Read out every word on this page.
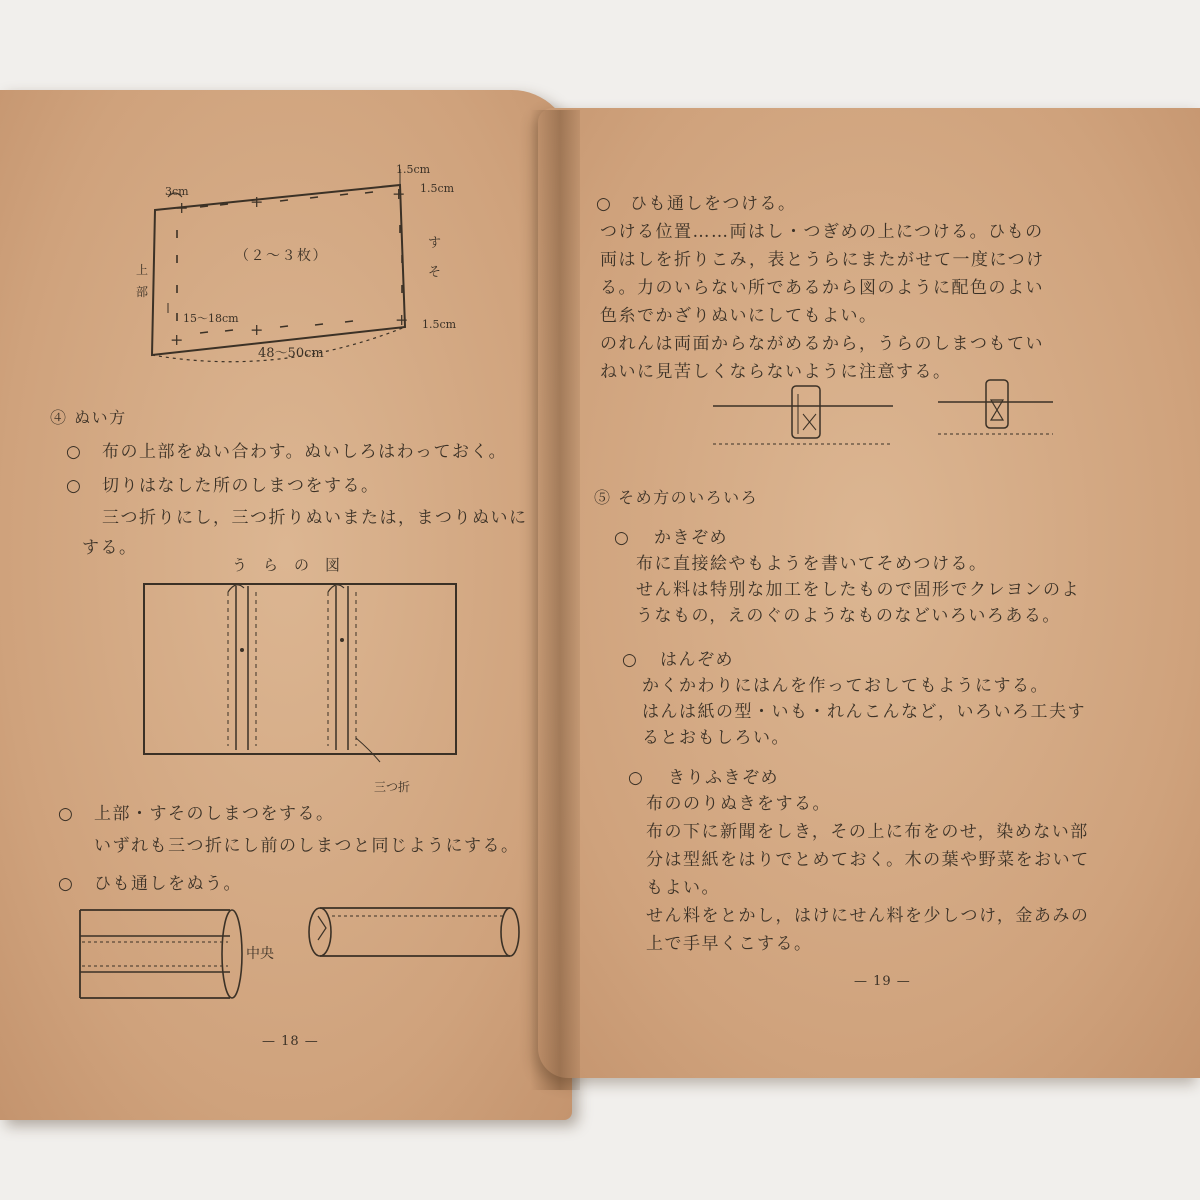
+	+	+
+
+
+
3cm
1.5cm
1.5cm
1.5cm
15～18cm
48～50cm
（２～３枚）
上部
すそ
④ ぬい方
○ 布の上部をぬい合わす。ぬいしろはわっておく。
○ 切りはなした所のしまつをする。
三つ折りにし，三つ折りぬいまたは，まつりぬいに
する。
うらの図
三つ折
○ 上部・すそのしまつをする。
いずれも三つ折にし前のしまつと同じようにする。
○ ひも通しをぬう。
中央
— 18 —
○ ひも通しをつける。
つける位置……両はし・つぎめの上につける。ひもの
両はしを折りこみ，表とうらにまたがせて一度につけ
る。力のいらない所であるから図のように配色のよい
色糸でかざりぬいにしてもよい。
のれんは両面からながめるから，うらのしまつもてい
ねいに見苦しくならないように注意する。
⑤ そめ方のいろいろ
○ かきぞめ
布に直接絵やもようを書いてそめつける。
せん料は特別な加工をしたもので固形でクレヨンのよ
うなもの，えのぐのようなものなどいろいろある。
○ はんぞめ
かくかわりにはんを作っておしてもようにする。
はんは紙の型・いも・れんこんなど，いろいろ工夫す
るとおもしろい。
○ きりふきぞめ
布ののりぬきをする。
布の下に新聞をしき，その上に布をのせ，染めない部
分は型紙をはりでとめておく。木の葉や野菜をおいて
もよい。
せん料をとかし，はけにせん料を少しつけ，金あみの
上で手早くこする。
— 19 —
